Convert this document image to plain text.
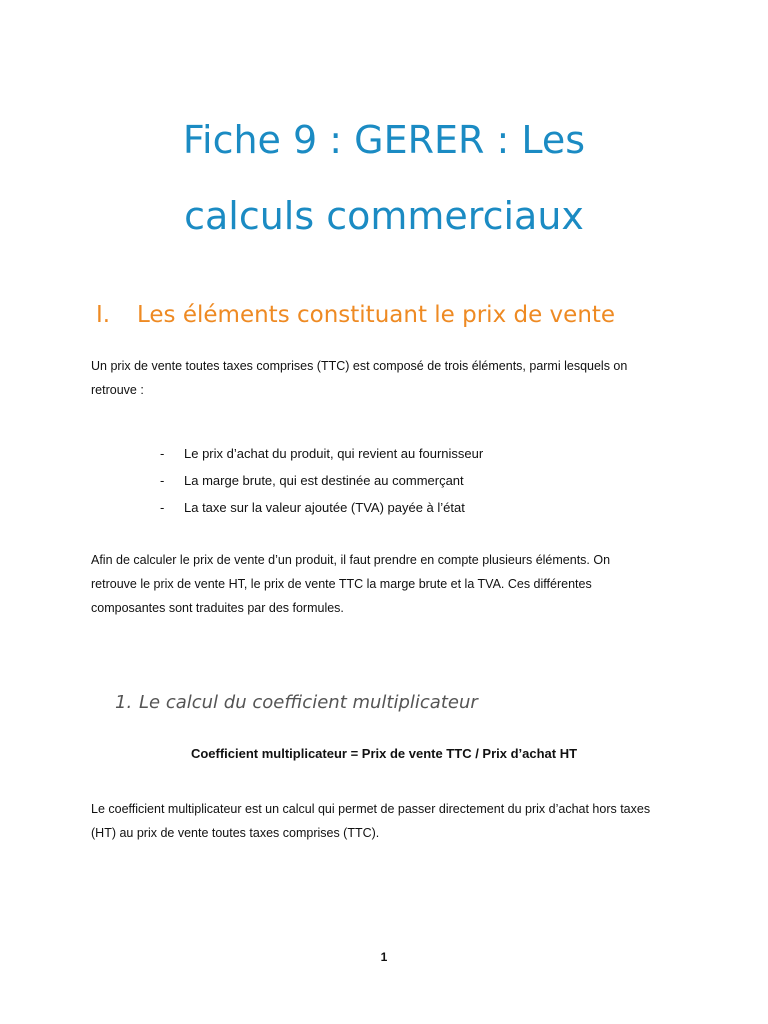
Fiche 9 : GERER : Les
calculs commerciaux
I. Les éléments constituant le prix de vente
Un prix de vente toutes taxes comprises (TTC) est composé de trois éléments, parmi lesquels on
retrouve :
-	Le prix d’achat du produit, qui revient au fournisseur
-	La marge brute, qui est destinée au commerçant
-	La taxe sur la valeur ajoutée (TVA) payée à l’état
Afin de calculer le prix de vente d’un produit, il faut prendre en compte plusieurs éléments. On
retrouve le prix de vente HT, le prix de vente TTC la marge brute et la TVA. Ces différentes
composantes sont traduites par des formules.
1. Le calcul du coefficient multiplicateur
Coefficient multiplicateur = Prix de vente TTC / Prix d’achat HT
Le coefficient multiplicateur est un calcul qui permet de passer directement du prix d’achat hors taxes
(HT) au prix de vente toutes taxes comprises (TTC).
1
